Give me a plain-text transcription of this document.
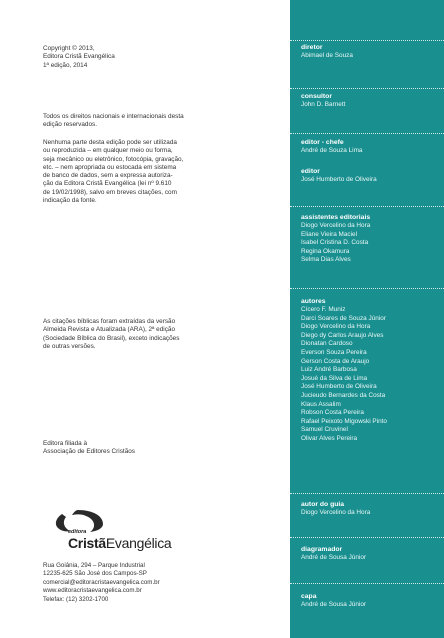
Copyright © 2013,

Editora Cristã Evangélica

1ª edição, 2014

Todos os direitos nacionais e internacionais desta

edição reservados.

Nenhuma parte desta edição pode ser utilizada

ou reproduzida – em qualquer meio ou forma,

seja mecânico ou eletrônico, fotocópia, gravação,

etc. – nem apropriada ou estocada em sistema

de banco de dados, sem a expressa autoriza-

ção da Editora Cristã Evangélica (lei nº 9.610

de 19/02/1998), salvo em breves citações, com

indicação da fonte.

As citações bíblicas foram extraídas da versão

Almeida Revista e Atualizada (ARA), 2ª edição

(Sociedade Bíblica do Brasil), exceto indicações

de outras versões.

Editora filiada à

Associação de Editores Cristãos

editora
CristãEvangélica
Rua Goiânia, 294 – Parque Industrial
12235-625 São José dos Campos-SP
comercial@editoracristaevangelica.com.br
www.editoracristaevangelica.com.br
Telefax: (12) 3202-1700
diretor
Abimael de Souza
consultor
John D. Barnett
editor - chefe
André de Souza Lima
editor
José Humberto de Oliveira
assistentes editoriais
Diogo Vercelino da Hora
Eliane Vieira Maciel
Isabel Cristina D. Costa
Regina Okamura
Selma Dias Alves
autores
Cícero F. Muniz
Darci Soares de Souza Júnior
Diogo Vercelino da Hora
Diego dy Carlos Araujo Alves
Dionatan Cardoso
Everson Souza Pereira
Gerson Costa de Araujo
Luiz André Barbosa
Josué da Silva de Lima
José Humberto de Oliveira
Jucieudo Bernardes da Costa
Klaus Assalim
Robson Costa Pereira
Rafael Peixoto Migowski Pinto
Samuel Cruvinel
Olivar Alves Pereira
autor do guia
Diogo Vercelino da Hora
diagramador
André de Sousa Júnior
capa
André de Sousa Júnior
